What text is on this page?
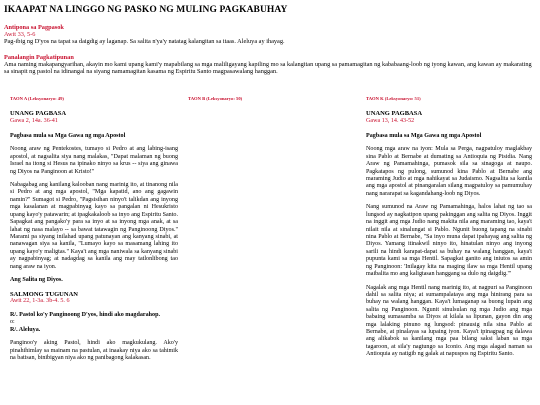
IKAAPAT NA LINGGO NG PASKO NG MULING PAGKABUHAY
Antipona sa Pagpasok
Awit 33, 5-6
Pag-ibig ng D'yos na tapat sa daigdig ay laganap. Sa salita n'ya'y natatag kalangitan sa itaas. Aleluya ay ihayag.
Panalangin Pagkatipunan
Ama naming makapangyarihan, akayin mo kami upang kami'y mapabilang sa mga maliligayang kapiling mo sa kalangitan upang sa pamamagitan ng kababaang-loob ng iyong kawan, ang kawan ay makarating sa sinapit ng pastol na idinangal na siyang namamagitan kasama ng Espiritu Santo magpasawalang hanggan.
TAON A (Leksyonaryo: 49)
UNANG PAGBASA
Gawa 2, 14a. 36-41

Pagbasa mula sa Mga Gawa ng mga Apostol

Noong araw ng Pentekostes, tumayo si Pedro at ang labing-isang apostol, at nagsalita siya nang malakas, "Dapat malaman ng buong Israel na itong si Hesus na ipinako ninyo sa krus -- siya ang ginawa ng Diyos na Panginoon at Kristo!"

Nabagabag ang kanilang kalooban nang marinig ito, at tinanong nila si Pedro at ang mga apostol, "Mga kapatid, ano ang gagawin namin?" Sumagot si Pedro, "Pagsisihan ninyo't talikdan ang inyong mga kasalanan at magpabinyag kayo sa pangalan ni Hesukristo upang kayo'y patawarin; at ipagkakaloob sa inyo ang Espiritu Santo. Sapagkat ang pangako'y para sa inyo at sa inyong mga anak, at sa lahat ng nasa malayo -- sa bawat tatawagin ng Panginoong Diyos." Marami pa siyang inilahad upang patunayan ang kanyang sinabi, at nanawagan siya sa kanila, "Lumayo kayo sa masamang lahing ito upang kayo'y maligtas." Kaya't ang mga naniwala sa kanyang sinabi ay nagpabinyag; at nadagdag sa kanila ang may tatlonlibong tao nang araw na iyon.

Ang Salita ng Diyos.

SALMONG TUGUNAN
Awit 22, 1-3a. 3b-4. 5. 6
R/. Pastol ko'y Panginoong D'yos, hindi ako magdarahop.
o:
R/. Aleluya.

Panginoo'y aking Pastol, hindi ako magkukulang. Ako'y pinahihimlay sa mainam na pastulan, at inaakay niya ako sa tahimik na batisan, binibigyan niya ako ng panibagong kalakasan.

TAON B (Leksyonaryo: 50)	TAON K (Leksyonaryo: 51)
UNANG PAGBASA
Gawa 13, 14. 43-52

Pagbasa mula sa Mga Gawa ng mga Apostol

Noong mga araw na iyon: Mula sa Perga, nagpatuloy maglakbay sina Pablo at Bernabe at dumating sa Antioquia ng Pisidia. Nang Araw ng Pamamahinga, pumasok sila sa sinagoga at naupo. Pagkatapos ng pulong, sumunod kina Pablo at Bernabe ang maraming Judio at mga nahikayat sa Judaismo. Nagsalita sa kanila ang mga apostol at pinangaralan silang magpatuloy sa pamumuhay nang nararapat sa kagandahang-loob ng Diyos.

Nang sumunod na Araw ng Pamamahinga, halos lahat ng tao sa lungsod ay nagkatipon upang pakinggan ang salita ng Diyos. Inggit na inggit ang mga Judio nang makita nila ang maraming tao, kaya't nilait nila at sinalungat si Pablo. Ngunit buong tapang na sinabi nina Pablo at Bernabe, "Sa inyo muna dapat ipahayag ang salita ng Diyos. Yamang itinakwil ninyo ito, hinatulan ninyo ang inyong sarili na hindi karapat-dapat sa buhay na walang hanggan, kaya't pupunta kami sa mga Hentil. Sapagkat ganito ang iniutos sa amin ng Panginoon: 'Inilagay kita na maging ilaw sa mga Hentil upang maibalita mo ang kaligtasan hanggang sa dulo ng daigdig.'"

Nagalak ang mga Hentil nang marinig ito, at nagpuri sa Panginoon dahil sa salita niya; at sumampalataya ang mga hinirang para sa buhay na walang hanggan. Kaya't lumaganap sa buong lupain ang salita ng Panginoon. Ngunit sinulsulan ng mga Judio ang mga babaing sumasamba sa Diyos at kilala sa lipunan, gayon din ang mga lalaking pinuno ng lungsod: pinausig nila sina Pablo at Bernabe, at pinalayas sa lupaing iyon. Kaya't ipinagpag ng dalawa ang alikabok sa kanilang mga paa bilang saksi laban sa mga tagaroon, at sila'y nagtungo sa Iconio. Ang mga alagad naman sa Antioquia ay natigib ng galak at napuspos ng Espiritu Santo.
